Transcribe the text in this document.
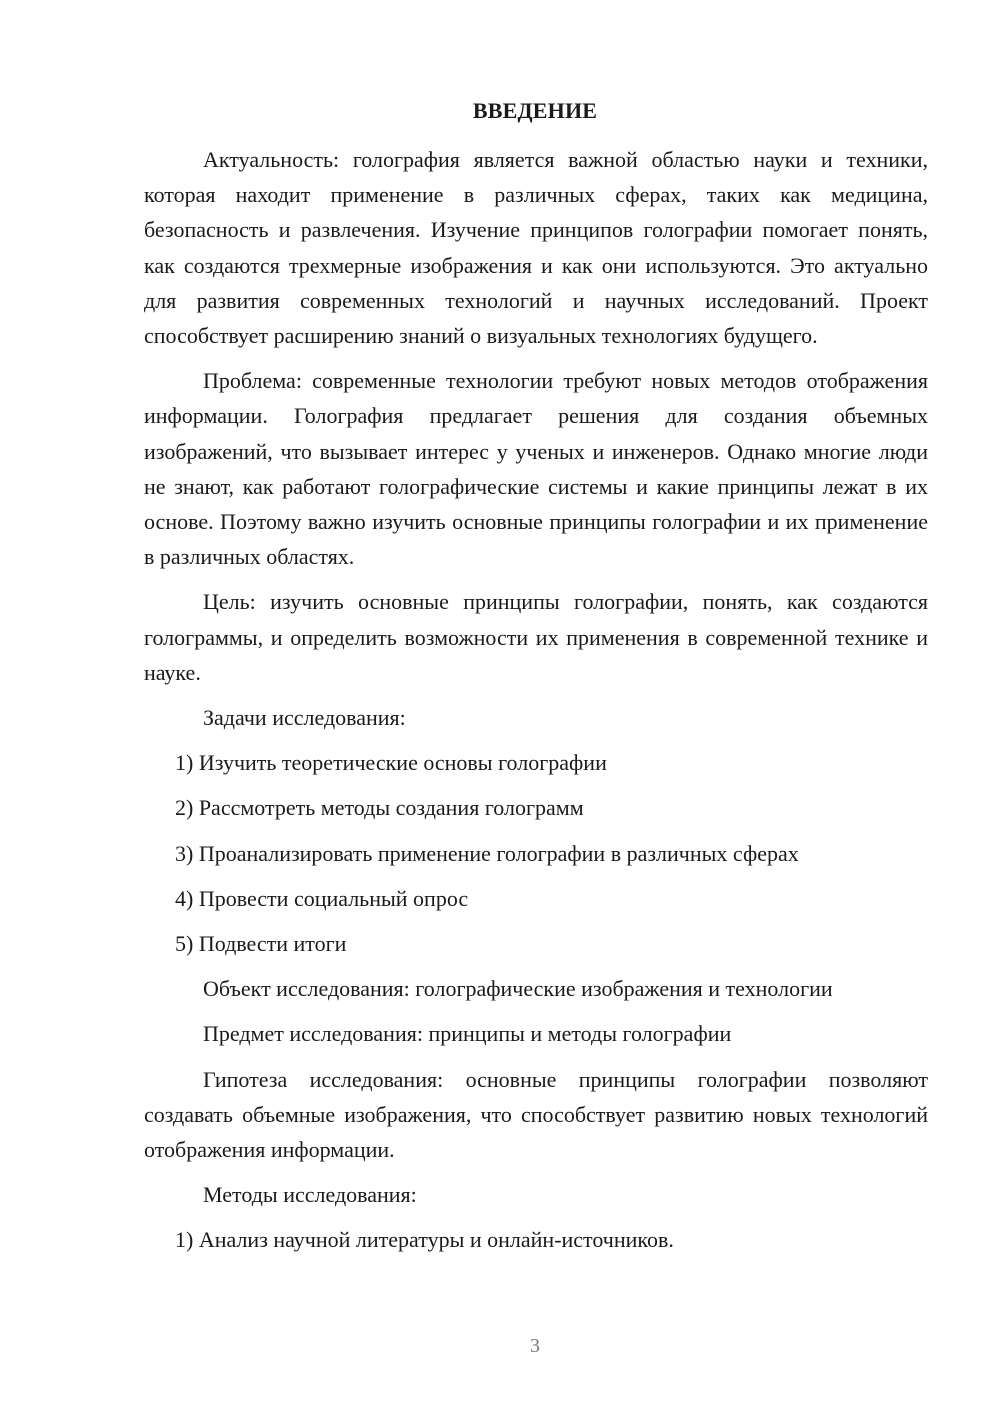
ВВЕДЕНИЕ

Актуальность: голография является важной областью науки и техники, которая находит применение в различных сферах, таких как медицина, безопасность и развлечения. Изучение принципов голографии помогает понять, как создаются трехмерные изображения и как они используются. Это актуально для развития современных технологий и научных исследований. Проект способствует расширению знаний о визуальных технологиях будущего.

Проблема: современные технологии требуют новых методов отображения информации. Голография предлагает решения для создания объемных изображений, что вызывает интерес у ученых и инженеров. Однако многие люди не знают, как работают голографические системы и какие принципы лежат в их основе. Поэтому важно изучить основные принципы голографии и их применение в различных областях.

Цель: изучить основные принципы голографии, понять, как создаются голограммы, и определить возможности их применения в современной технике и науке.

Задачи исследования:

1) Изучить теоретические основы голографии
2) Рассмотреть методы создания голограмм
3) Проанализировать применение голографии в различных сферах
4) Провести социальный опрос
5) Подвести итоги

Объект исследования: голографические изображения и технологии

Предмет исследования: принципы и методы голографии

Гипотеза исследования: основные принципы голографии позволяют создавать объемные изображения, что способствует развитию новых технологий отображения информации.

Методы исследования:

1) Анализ научной литературы и онлайн-источников.
3
